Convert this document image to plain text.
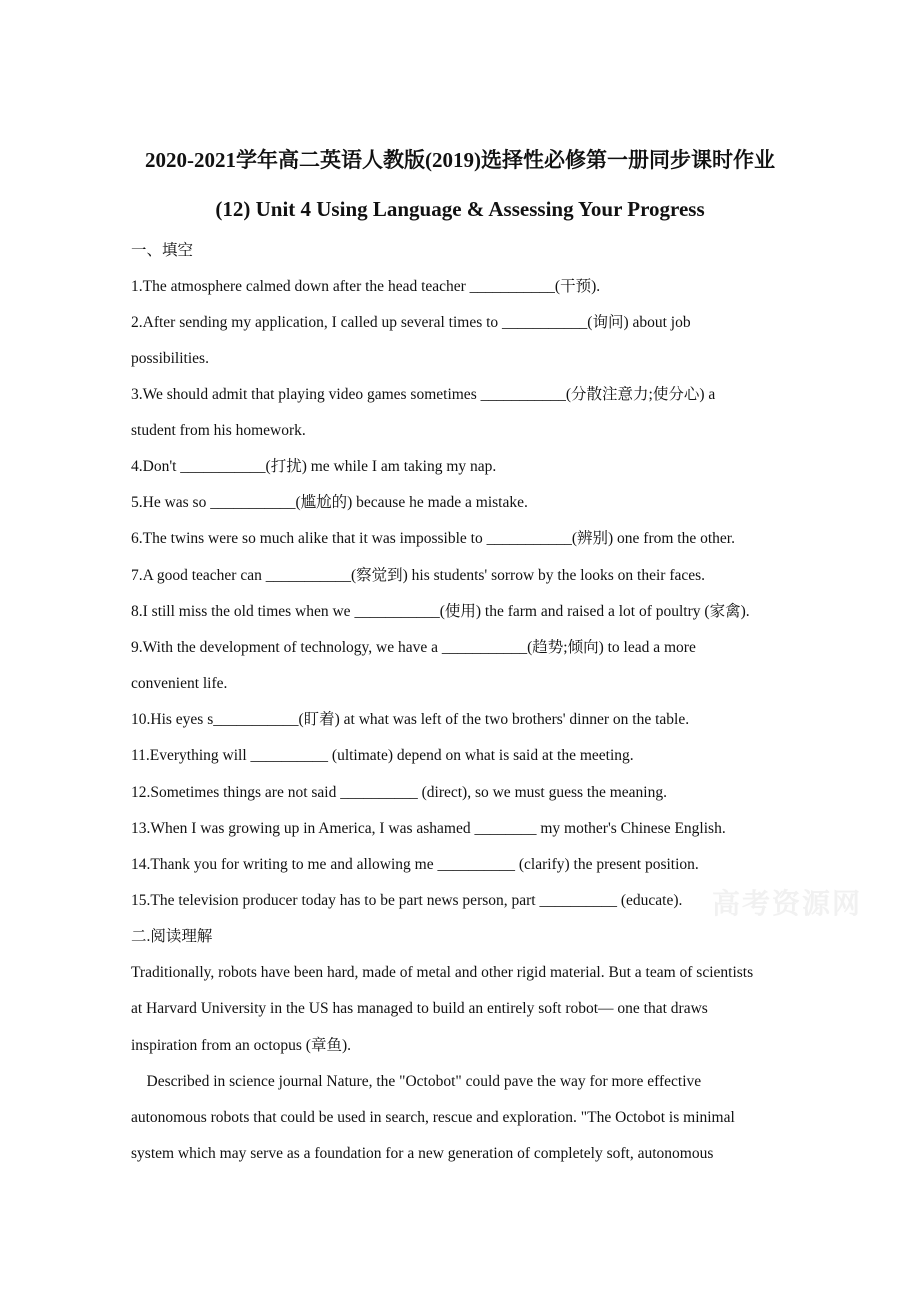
2020-2021学年高二英语人教版(2019)选择性必修第一册同步课时作业
(12) Unit 4 Using Language & Assessing Your Progress

一、填空

1.The atmosphere calmed down after the head teacher ___________(干预).

2.After sending my application, I called up several times to ___________(询问) about job

possibilities.

3.We should admit that playing video games sometimes ___________(分散注意力;使分心) a

student from his homework.

4.Don't ___________(打扰) me while I am taking my nap.

5.He was so ___________(尴尬的) because he made a mistake.

6.The twins were so much alike that it was impossible to ___________(辨别) one from the other.

7.A good teacher can ___________(察觉到) his students' sorrow by the looks on their faces.

8.I still miss the old times when we ___________(使用) the farm and raised a lot of poultry (家禽).

9.With the development of technology, we have a ___________(趋势;倾向) to lead a more

convenient life.

10.His eyes s___________(盯着) at what was left of the two brothers' dinner on the table.

11.Everything will __________ (ultimate) depend on what is said at the meeting.

12.Sometimes things are not said __________ (direct), so we must guess the meaning.

13.When I was growing up in America, I was ashamed ________ my mother's Chinese English.

14.Thank you for writing to me and allowing me __________ (clarify) the present position.

15.The television producer today has to be part news person, part __________ (educate).

二.阅读理解

Traditionally, robots have been hard, made of metal and other rigid material. But a team of scientists

at Harvard University in the US has managed to build an entirely soft robot— one that draws

inspiration from an octopus (章鱼).

Described in science journal Nature, the "Octobot" could pave the way for more effective

autonomous robots that could be used in search, rescue and exploration. "The Octobot is minimal

system which may serve as a foundation for a new generation of completely soft, autonomous

高考资源网
